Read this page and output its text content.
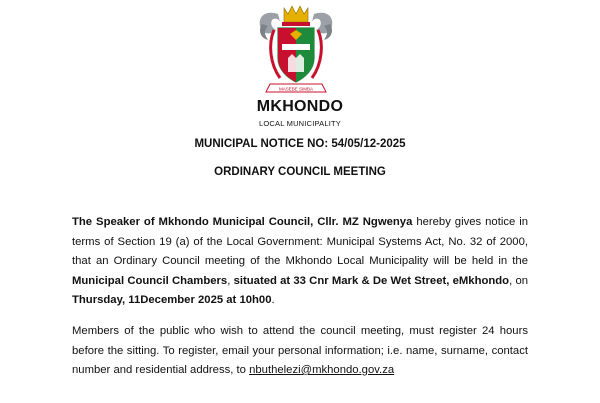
MASEBE SIMBA
MKHONDO
LOCAL MUNICIPALITY
MUNICIPAL NOTICE NO: 54/05/12-2025
ORDINARY COUNCIL MEETING

The Speaker of Mkhondo Municipal Council, Cllr. MZ Ngwenya hereby gives notice in terms of Section 19 (a) of the Local Government: Municipal Systems Act, No. 32 of 2000, that an Ordinary Council meeting of the Mkhondo Local Municipality will be held in the Municipal Council Chambers, situated at 33 Cnr Mark & De Wet Street, eMkhondo, on Thursday, 11December 2025 at 10h00.

Members of the public who wish to attend the council meeting, must register 24 hours before the sitting. To register, email your personal information; i.e. name, surname, contact number and residential address, to nbuthelezi@mkhondo.gov.za
